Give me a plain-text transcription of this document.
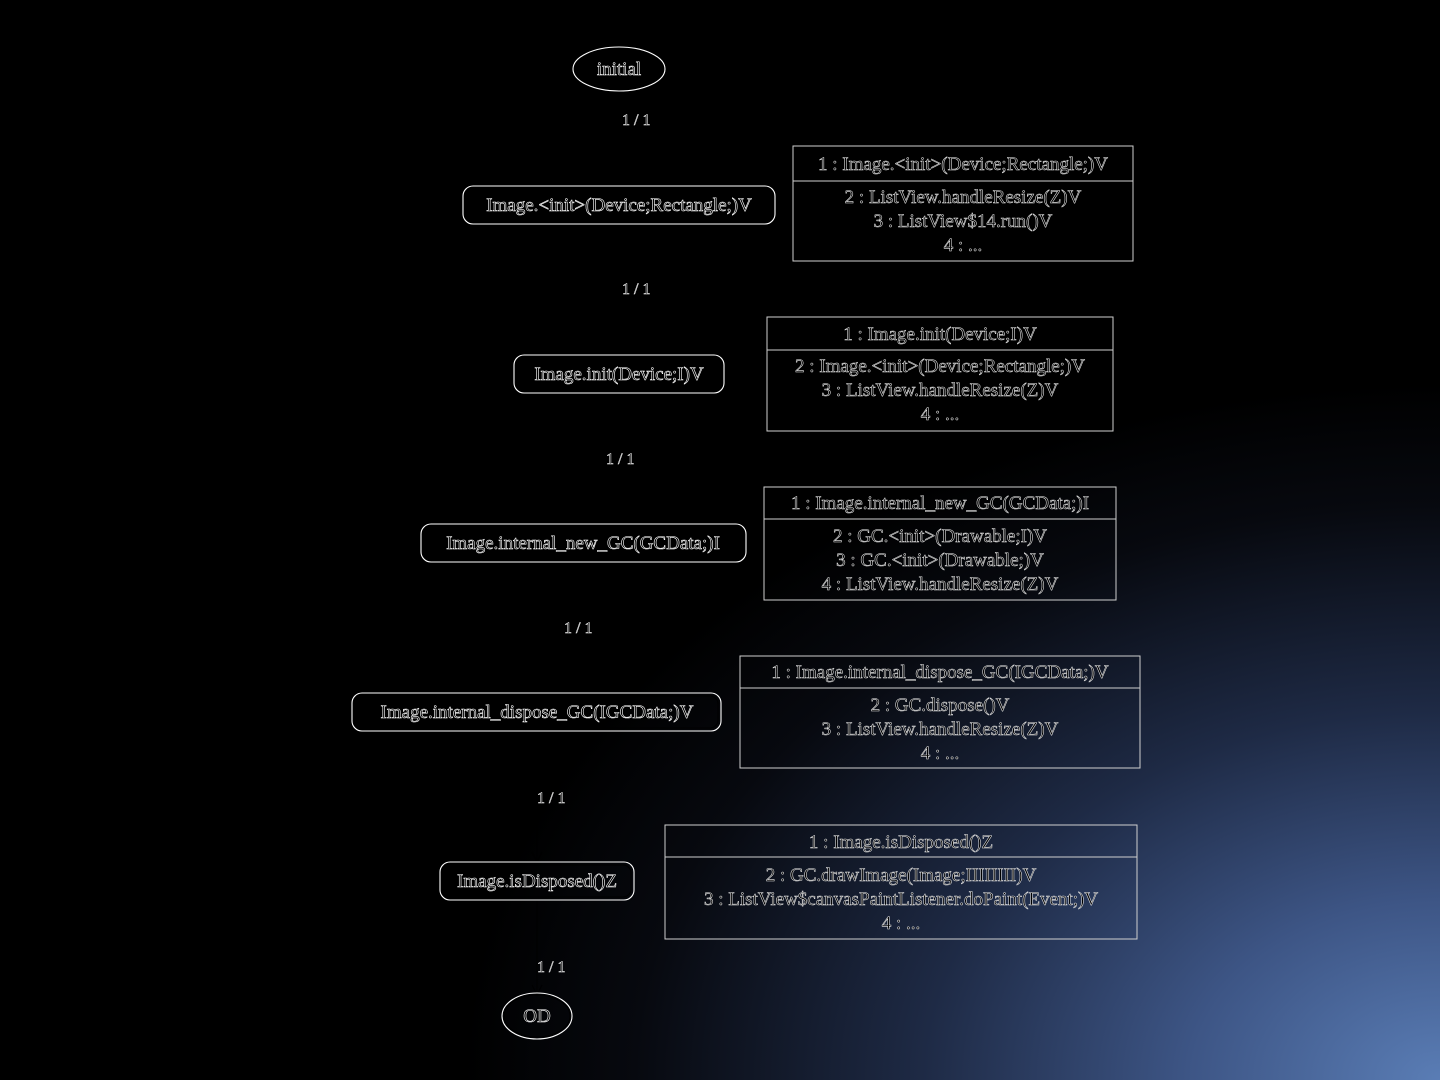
1 / 1
1 / 1
1 / 1
1 / 1
1 / 1
1 / 1
initial
Image.<init>(Device;Rectangle;)V
Image.init(Device;I)V
Image.internal_new_GC(GCData;)I
Image.internal_dispose_GC(IGCData;)V
Image.isDisposed()Z
OD
1 : Image.<init>(Device;Rectangle;)V
2 : ListView.handleResize(Z)V
3 : ListView$14.run()V
4 : ...
1 : Image.init(Device;I)V
2 : Image.<init>(Device;Rectangle;)V
3 : ListView.handleResize(Z)V
4 : ...
1 : Image.internal_new_GC(GCData;)I
2 : GC.<init>(Drawable;I)V
3 : GC.<init>(Drawable;)V
4 : ListView.handleResize(Z)V
1 : Image.internal_dispose_GC(IGCData;)V
2 : GC.dispose()V
3 : ListView.handleResize(Z)V
4 : ...
1 : Image.isDisposed()Z
2 : GC.drawImage(Image;IIIIIIII)V
3 : ListView$canvasPaintListener.doPaint(Event;)V
4 : ...
